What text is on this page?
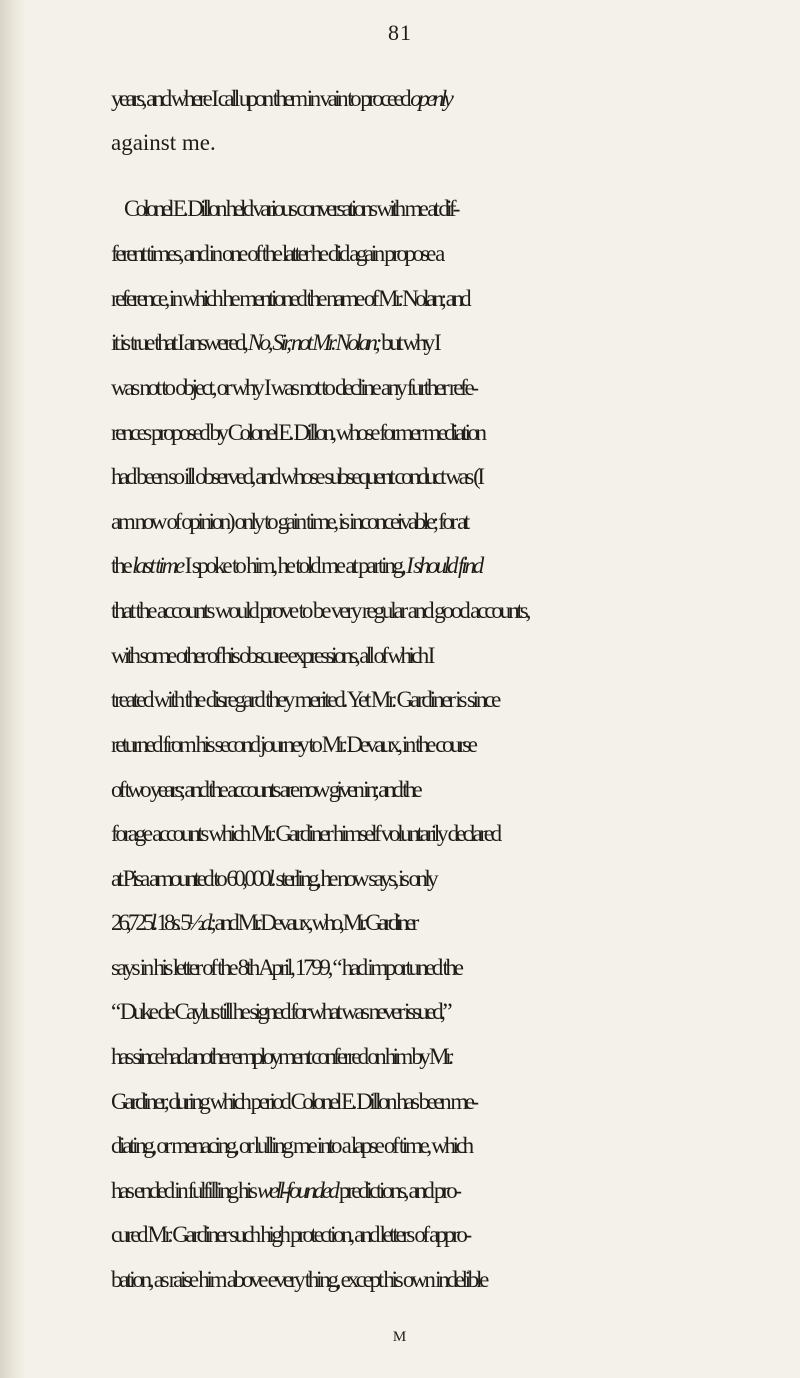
81
years, and where I call upon them in vain to proceed openly
against me.
Colonel E. Dillon held various conversations with me at dif-
ferent times, and in one of the latter he did again propose a
reference, in which he mentioned the name of Mr. Nolan; and
it is true that I answered, No, Sir, not Mr. Nolan; but why I
was not to object, or why I was not to decline any further refe-
rences proposed by Colonel E. Dillon, whose former mediation
had been so ill observed, and whose subsequent conduct was (I
am now of opinion) only to gain time, is inconceivable; for at
the last time I spoke to him, he told me at parting, I should find
that the accounts would prove to be very regular and good accounts,
with some other of his obscure expressions, all of which I
treated with the disregard they merited. Yet Mr. Gardiner is since
returned from his second journey to Mr. Devaux, in the course
of two years; and the accounts are now given in; and the
forage accounts which Mr. Gardiner himself voluntarily declared
at Pisa amounted to 60,000l. sterling, he now says, is only
26,725l. 18s. 5½d.; and Mr. Devaux, who, Mr. Gardiner
says in his letter of the 8th April, 1799, “ had importuned the
“ Duke de Caylus till he signed for what was never issued,”
has since had another employment conferred on him by Mr.
Gardiner, during which period Colonel E. Dillon has been me-
diating, or menacing, or lulling me into a lapse of time, which
has ended in fulfilling his well-founded predictions, and pro-
cured Mr. Gardiner such high protection, and letters of appro-
bation, as raise him above every thing, except his own indelible
M
